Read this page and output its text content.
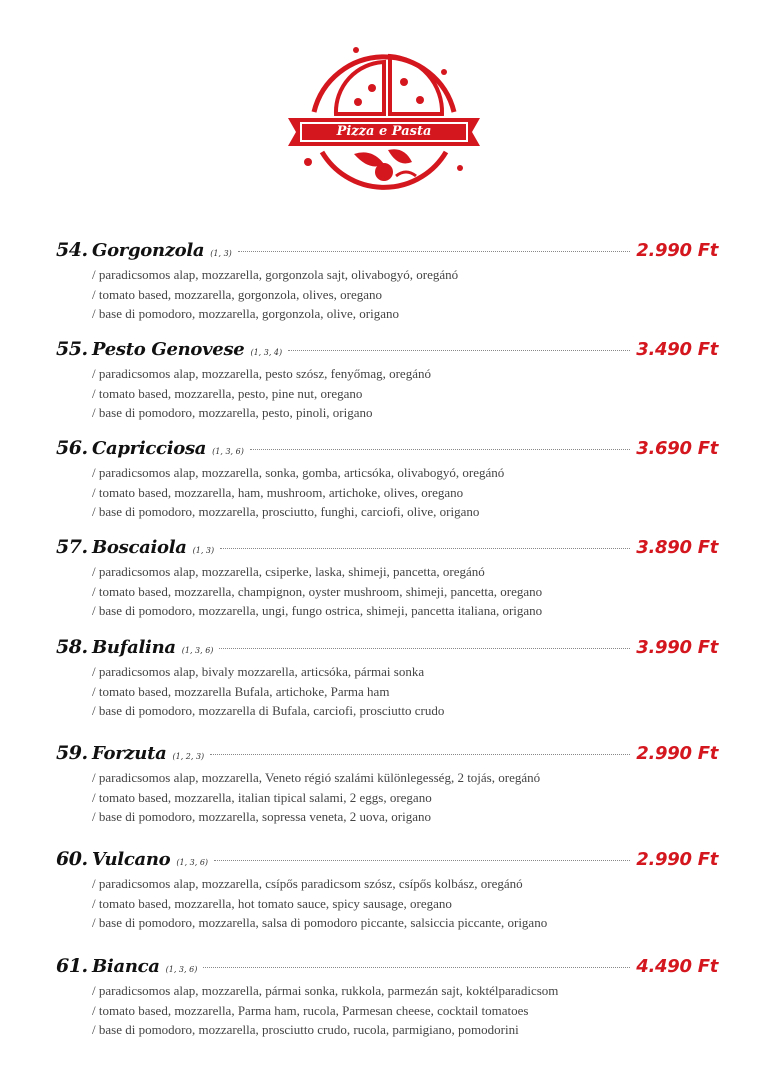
Pizza e Pasta
54. Gorgonzola (1, 3)	2.990 Ft
/ paradicsomos alap, mozzarella, gorgonzola sajt, olivabogyó, oregánó
/ tomato based, mozzarella, gorgonzola, olives, oregano
/ base di pomodoro, mozzarella, gorgonzola, olive, origano
55. Pesto Genovese (1, 3, 4)	3.490 Ft
/ paradicsomos alap, mozzarella, pesto szósz, fenyőmag, oregánó
/ tomato based, mozzarella, pesto, pine nut, oregano
/ base di pomodoro, mozzarella, pesto, pinoli, origano
56. Capricciosa (1, 3, 6)	3.690 Ft
/ paradicsomos alap, mozzarella, sonka, gomba, articsóka, olivabogyó, oregánó
/ tomato based, mozzarella, ham, mushroom, artichoke, olives, oregano
/ base di pomodoro, mozzarella, prosciutto, funghi, carciofi, olive, origano
57. Boscaiola (1, 3)	3.890 Ft
/ paradicsomos alap, mozzarella, csiperke, laska, shimeji, pancetta, oregánó
/ tomato based, mozzarella, champignon, oyster mushroom, shimeji, pancetta, oregano
/ base di pomodoro, mozzarella, ungi, fungo ostrica, shimeji, pancetta italiana, origano
58. Bufalina (1, 3, 6)	3.990 Ft
/ paradicsomos alap, bivaly mozzarella, articsóka, pármai sonka
/ tomato based, mozzarella Bufala, artichoke, Parma ham
/ base di pomodoro, mozzarella di Bufala, carciofi, prosciutto crudo
59. Forzuta (1, 2, 3)	2.990 Ft
/ paradicsomos alap, mozzarella, Veneto régió szalámi különlegesség, 2 tojás, oregánó
/ tomato based, mozzarella, italian tipical salami, 2 eggs, oregano
/ base di pomodoro, mozzarella, sopressa veneta, 2 uova, origano
60. Vulcano (1, 3, 6)	2.990 Ft
/ paradicsomos alap, mozzarella, csípős paradicsom szósz, csípős kolbász, oregánó
/ tomato based, mozzarella, hot tomato sauce, spicy sausage, oregano
/ base di pomodoro, mozzarella, salsa di pomodoro piccante, salsiccia piccante, origano
61. Bianca (1, 3, 6)	4.490 Ft
/ paradicsomos alap, mozzarella, pármai sonka, rukkola, parmezán sajt, koktélparadicsom
/ tomato based, mozzarella, Parma ham, rucola, Parmesan cheese, cocktail tomatoes
/ base di pomodoro, mozzarella, prosciutto crudo, rucola, parmigiano, pomodorini
